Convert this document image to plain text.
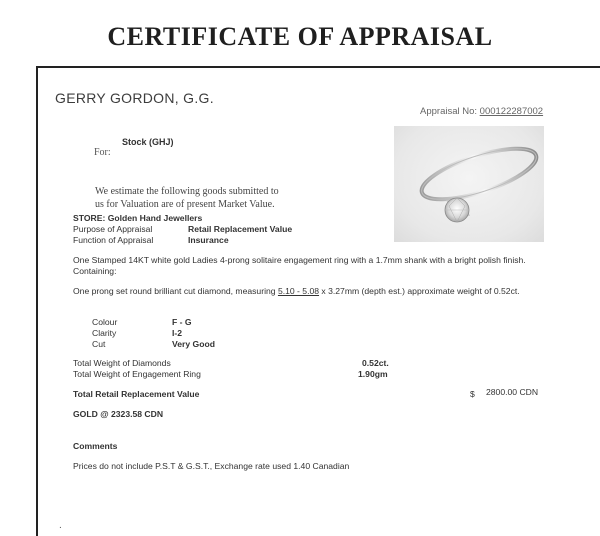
CERTIFICATE OF APPRAISAL
GERRY GORDON, G.G.
Appraisal No: 000122287002
Stock (GHJ)
For:
We estimate the following goods submitted to
us for Valuation are of present Market Value.
STORE: Golden Hand Jewellers
Purpose of Appraisal	Retail Replacement Value
Function of Appraisal	Insurance
One Stamped 14KT white gold Ladies 4-prong solitaire engagement ring with a 1.7mm shank with a bright polish finish. Containing:
One prong set round brilliant cut diamond, measuring 5.10 - 5.08 x 3.27mm (depth est.) approximate weight of 0.52ct.
Colour	F - G
Clarity	I-2
Cut	Very Good
Total Weight of Diamonds	0.52ct.
Total Weight of Engagement Ring	1.90gm
Total Retail Replacement Value	$ 2800.00 CDN
GOLD @ 2323.58 CDN
Comments
Prices do not include P.S.T & G.S.T., Exchange rate used 1.40 Canadian
.
